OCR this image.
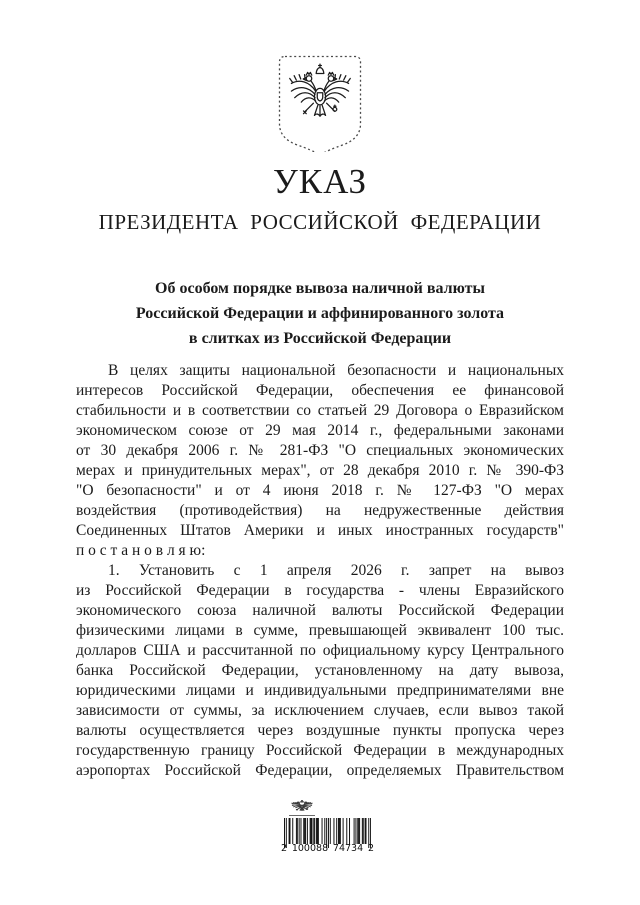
УКАЗ
ПРЕЗИДЕНТА РОССИЙСКОЙ ФЕДЕРАЦИИ
Об особом порядке вывоза наличной валюты
Российской Федерации и аффинированного золота
в слитках из Российской Федерации
В целях защиты национальной безопасности и национальных
интересов Российской Федерации, обеспечения ее финансовой
стабильности и в соответствии со статьей 29 Договора о Евразийском
экономическом союзе от 29 мая 2014 г., федеральными законами
от 30 декабря 2006 г. № 281-ФЗ "О специальных экономических
мерах и принудительных мерах", от 28 декабря 2010 г. № 390-ФЗ
"О безопасности" и от 4 июня 2018 г. № 127-ФЗ "О мерах
воздействия (противодействия) на недружественные действия
Соединенных Штатов Америки и иных иностранных государств"
п о с т а н о в л я ю:
1. Установить с 1 апреля 2026 г. запрет на вывоз
из Российской Федерации в государства - члены Евразийского
экономического союза наличной валюты Российской Федерации
физическими лицами в сумме, превышающей эквивалент 100 тыс.
долларов США и рассчитанной по официальному курсу Центрального
банка Российской Федерации, установленному на дату вывоза,
юридическими лицами и индивидуальными предпринимателями вне
зависимости от суммы, за исключением случаев, если вывоз такой
валюты осуществляется через воздушные пункты пропуска через
государственную границу Российской Федерации в международных
аэропортах Российской Федерации, определяемых Правительством
2 100088 74734 2
